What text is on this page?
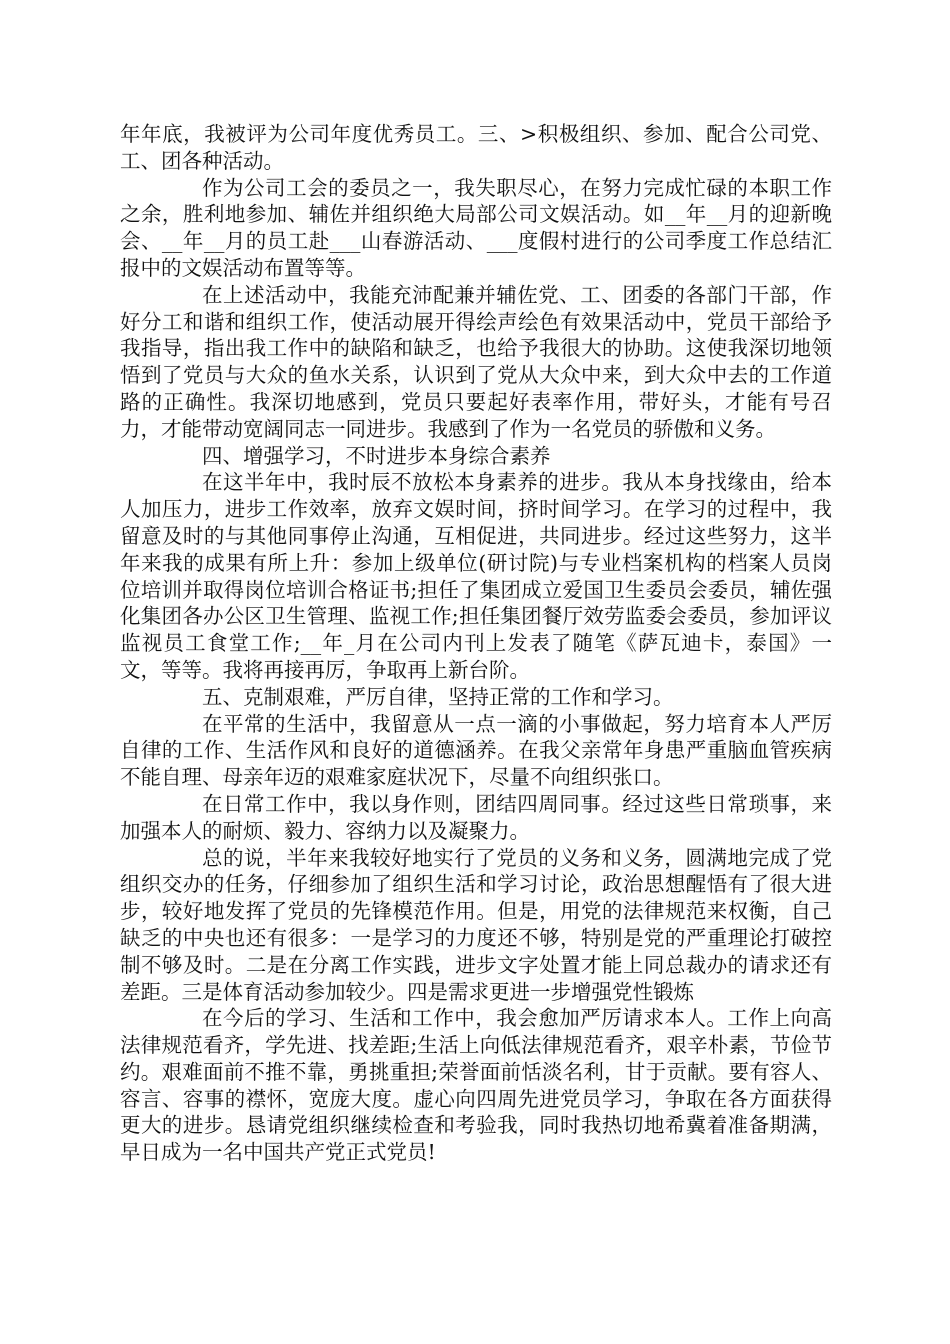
年年底，我被评为公司年度优秀员工。三、>积极组织、参加、配合公司党、工、团各种活动。

作为公司工会的委员之一，我失职尽心，在努力完成忙碌的本职工作之余，胜利地参加、辅佐并组织绝大局部公司文娱活动。如__年__月的迎新晚会、__年__月的员工赴___山春游活动、___度假村进行的公司季度工作总结汇报中的文娱活动布置等等。

在上述活动中，我能充沛配兼并辅佐党、工、团委的各部门干部，作好分工和谐和组织工作，使活动展开得绘声绘色有效果活动中，党员干部给予我指导，指出我工作中的缺陷和缺乏，也给予我很大的协助。这使我深切地领悟到了党员与大众的鱼水关系，认识到了党从大众中来，到大众中去的工作道路的正确性。我深切地感到，党员只要起好表率作用，带好头，才能有号召力，才能带动宽阔同志一同进步。我感到了作为一名党员的骄傲和义务。

四、增强学习，不时进步本身综合素养

在这半年中，我时辰不放松本身素养的进步。我从本身找缘由，给本人加压力，进步工作效率，放弃文娱时间，挤时间学习。在学习的过程中，我留意及时的与其他同事停止沟通，互相促进，共同进步。经过这些努力，这半年来我的成果有所上升：参加上级单位(研讨院)与专业档案机构的档案人员岗位培训并取得岗位培训合格证书;担任了集团成立爱国卫生委员会委员，辅佐强化集团各办公区卫生管理、监视工作;担任集团餐厅效劳监委会委员，参加评议监视员工食堂工作;__年_月在公司内刊上发表了随笔《萨瓦迪卡，泰国》一文，等等。我将再接再厉，争取再上新台阶。

五、克制艰难，严厉自律，坚持正常的工作和学习。

在平常的生活中，我留意从一点一滴的小事做起，努力培育本人严厉自律的工作、生活作风和良好的道德涵养。在我父亲常年身患严重脑血管疾病不能自理、母亲年迈的艰难家庭状况下，尽量不向组织张口。

在日常工作中，我以身作则，团结四周同事。经过这些日常琐事，来加强本人的耐烦、毅力、容纳力以及凝聚力。

总的说，半年来我较好地实行了党员的义务和义务，圆满地完成了党组织交办的任务，仔细参加了组织生活和学习讨论，政治思想醒悟有了很大进步，较好地发挥了党员的先锋模范作用。但是，用党的法律规范来权衡，自己缺乏的中央也还有很多：一是学习的力度还不够，特别是党的严重理论打破控制不够及时。二是在分离工作实践，进步文字处置才能上同总裁办的请求还有差距。三是体育活动参加较少。四是需求更进一步增强党性锻炼

在今后的学习、生活和工作中，我会愈加严厉请求本人。工作上向高法律规范看齐，学先进、找差距;生活上向低法律规范看齐，艰辛朴素，节俭节约。艰难面前不推不靠，勇挑重担;荣誉面前恬淡名利，甘于贡献。要有容人、容言、容事的襟怀，宽庞大度。虚心向四周先进党员学习，争取在各方面获得更大的进步。恳请党组织继续检查和考验我，同时我热切地希冀着准备期满，早日成为一名中国共产党正式党员!
